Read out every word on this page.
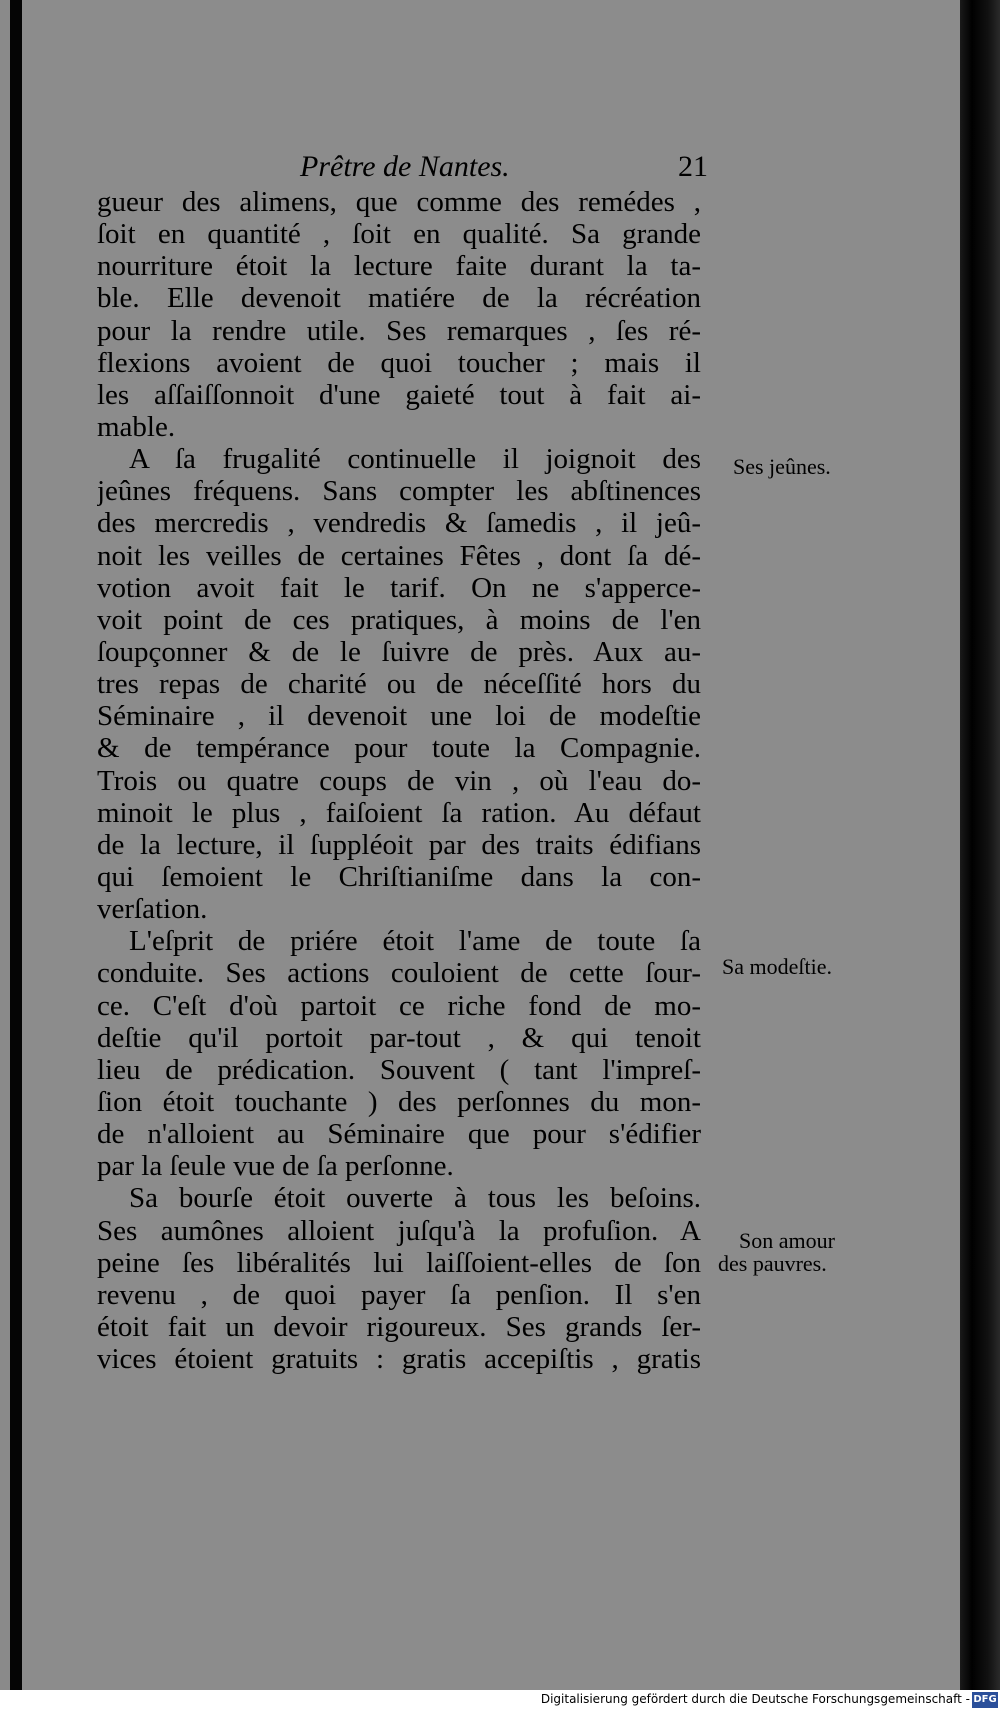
Prêtre de Nantes.	21
gueur des alimens, que comme des remédes ,
ſoit en quantité , ſoit en qualité. Sa grande
nourriture étoit la lecture faite durant la ta-
ble. Elle devenoit matiére de la récréation
pour la rendre utile. Ses remarques , ſes ré-
flexions avoient de quoi toucher ; mais il
les aſſaiſſonnoit d'une gaieté tout à fait ai-
mable.
A ſa frugalité continuelle il joignoit des
jeûnes fréquens. Sans compter les abſtinences
des mercredis , vendredis & ſamedis , il jeû-
noit les veilles de certaines Fêtes , dont ſa dé-
votion avoit fait le tarif. On ne s'apperce-
voit point de ces pratiques, à moins de l'en
ſoupçonner & de le ſuivre de près. Aux au-
tres repas de charité ou de néceſſité hors du
Séminaire , il devenoit une loi de modeſtie
& de tempérance pour toute la Compagnie.
Trois ou quatre coups de vin , où l'eau do-
minoit le plus , faiſoient ſa ration. Au défaut
de la lecture, il ſuppléoit par des traits édifians
qui ſemoient le Chriſtianiſme dans la con-
verſation.
L'eſprit de priére étoit l'ame de toute ſa
conduite. Ses actions couloient de cette ſour-
ce. C'eſt d'où partoit ce riche fond de mo-
deſtie qu'il portoit par-tout , & qui tenoit
lieu de prédication. Souvent ( tant l'impreſ-
ſion étoit touchante ) des perſonnes du mon-
de n'alloient au Séminaire que pour s'édifier
par la ſeule vue de ſa perſonne.
Sa bourſe étoit ouverte à tous les beſoins.
Ses aumônes alloient juſqu'à la profuſion. A
peine ſes libéralités lui laiſſoient-elles de ſon
revenu , de quoi payer ſa penſion. Il s'en
étoit fait un devoir rigoureux. Ses grands ſer-
vices étoient gratuits : gratis accepiſtis , gratis
Ses jeûnes.
Sa modeſtie.
Son amour
des pauvres.
Digitalisierung gefördert durch die Deutsche Forschungsgemeinschaft - DFG
